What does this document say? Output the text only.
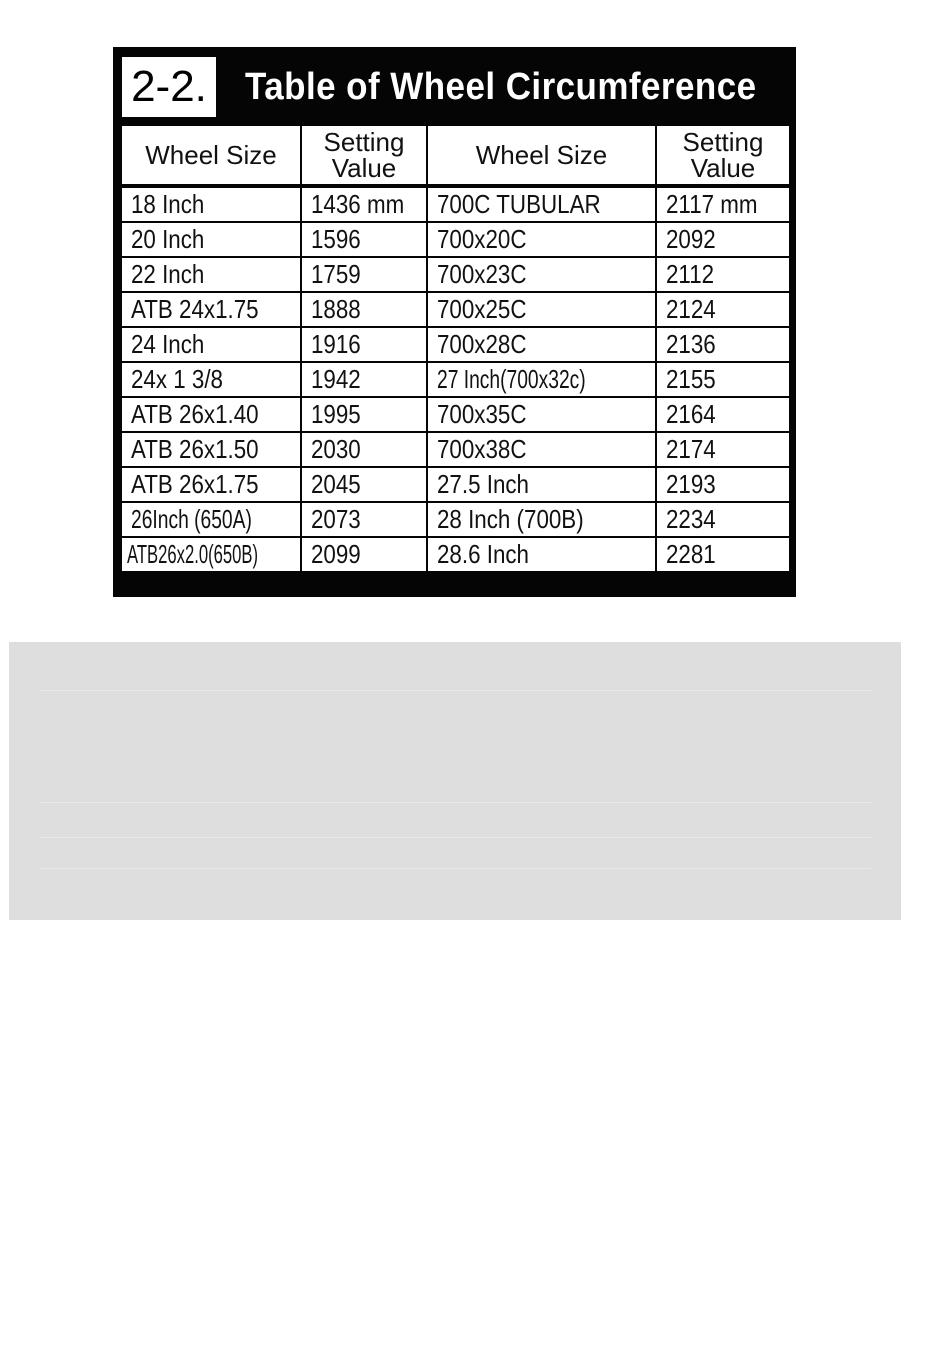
2-2. Table of Wheel Circumference
Wheel Size	Setting Value	Wheel Size	Setting Value
18 Inch	1436 mm	700C TUBULAR	2117 mm
20 Inch	1596	700x20C	2092
22 Inch	1759	700x23C	2112
ATB 24x1.75	1888	700x25C	2124
24 Inch	1916	700x28C	2136
24x 1 3/8	1942	27 Inch(700x32c)	2155
ATB 26x1.40	1995	700x35C	2164
ATB 26x1.50	2030	700x38C	2174
ATB 26x1.75	2045	27.5 Inch	2193
26Inch (650A)	2073	28 Inch (700B)	2234
ATB26x2.0(650B)	2099	28.6 Inch	2281
